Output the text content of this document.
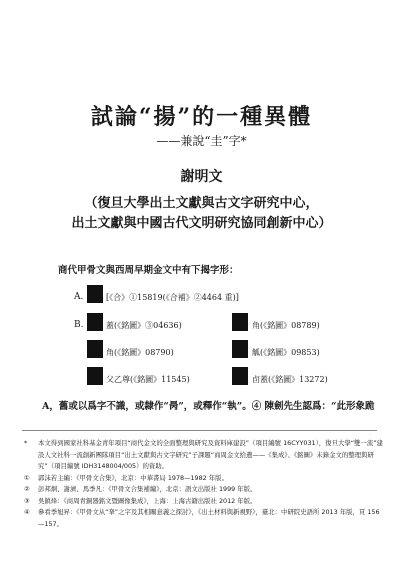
試論“揚”的一種異體
——兼說“圭”字*
謝明文
（復旦大學出土文獻與古文字研究中心，
出土文獻與中國古代文明研究協同創新中心）
商代甲骨文與西周早期金文中有下揭字形：
A.	[《合》①15819(《合補》②4464 重)]
B.	蓋(《銘圖》③04636)	角(《銘圖》08789)
角(《銘圖》08790)	觚(《銘圖》09853)
父乙尊(《銘圖》11545)	卣蓋(《銘圖》13272)
A，舊或以爲字不識，或隸作“昺”，或釋作“執”。④ 陳劍先生認爲：“此形象跪
*	本文得到國家社科基金青年項目“商代金文的全面整理與研究及資料庫建設”（項目編號 16CYY031），復旦大學“雙一流”建設人文社科一流創新團隊項目“出土文獻與古文字研究”子課題“商周金文拾遺——《集成》、《銘圖》未錄金文的整理與研究”（項目編號 IDH3148004/005）的資助。
①	郭沫若主編：《甲骨文合集》，北京：中華書局 1978—1982 年版。
②	彭邦炯、謝濟、馬季凡：《甲骨文合集補編》，北京：語文出版社 1999 年版。
③	吳鎮烽：《商周青銅器銘文暨圖像集成》，上海：上海古籍出版社 2012 年版。
④	參看季旭昇：《甲骨文从“羍”之字及其相關意義之探討》，《出土材料與新視野》，臺北：中研院史語所 2013 年版，頁 156—157。
